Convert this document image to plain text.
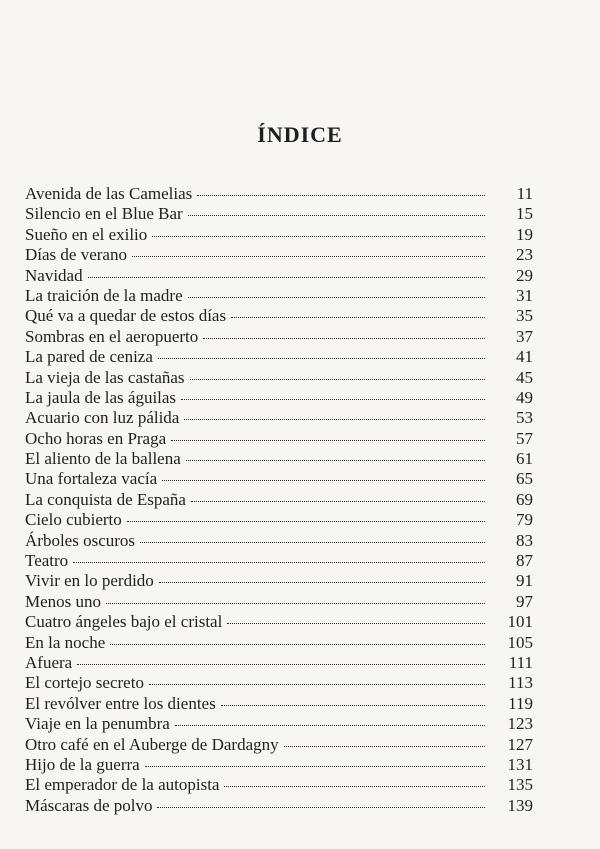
ÍNDICE
Avenida de las Camelias	11
Silencio en el Blue Bar	15
Sueño en el exilio	19
Días de verano	23
Navidad	29
La traición de la madre	31
Qué va a quedar de estos días	35
Sombras en el aeropuerto	37
La pared de ceniza	41
La vieja de las castañas	45
La jaula de las águilas	49
Acuario con luz pálida	53
Ocho horas en Praga	57
El aliento de la ballena	61
Una fortaleza vacía	65
La conquista de España	69
Cielo cubierto	79
Árboles oscuros	83
Teatro	87
Vivir en lo perdido	91
Menos uno	97
Cuatro ángeles bajo el cristal	101
En la noche	105
Afuera	111
El cortejo secreto	113
El revólver entre los dientes	119
Viaje en la penumbra	123
Otro café en el Auberge de Dardagny	127
Hijo de la guerra	131
El emperador de la autopista	135
Máscaras de polvo	139
